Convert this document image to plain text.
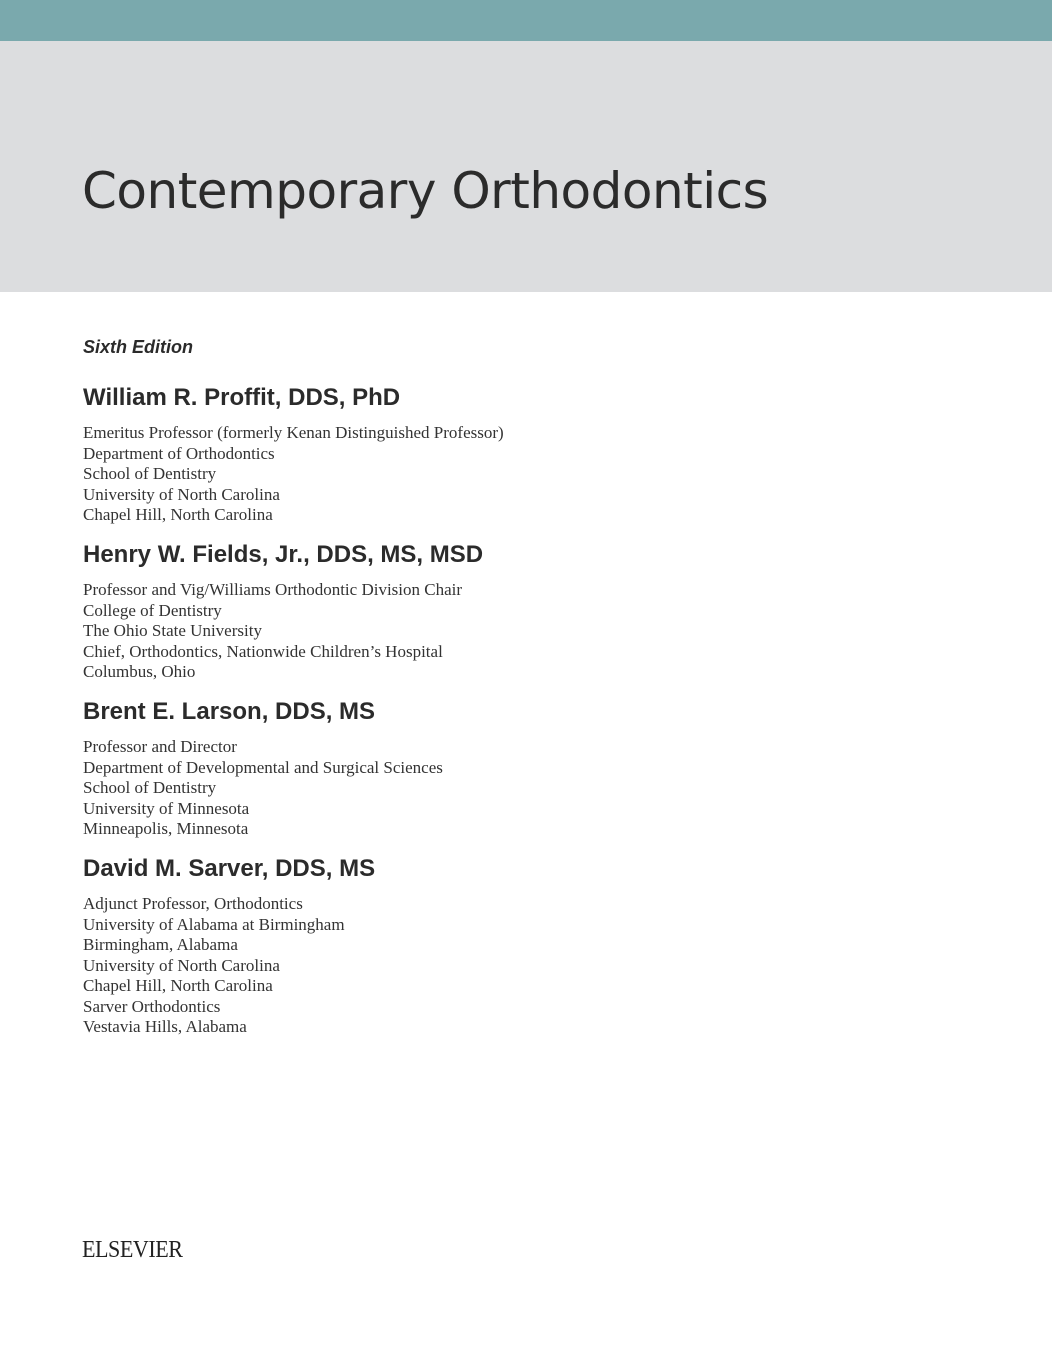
Contemporary Orthodontics
Sixth Edition
William R. Proffit, DDS, PhD
Emeritus Professor (formerly Kenan Distinguished Professor)
Department of Orthodontics
School of Dentistry
University of North Carolina
Chapel Hill, North Carolina
Henry W. Fields, Jr., DDS, MS, MSD
Professor and Vig/Williams Orthodontic Division Chair
College of Dentistry
The Ohio State University
Chief, Orthodontics, Nationwide Children’s Hospital
Columbus, Ohio
Brent E. Larson, DDS, MS
Professor and Director
Department of Developmental and Surgical Sciences
School of Dentistry
University of Minnesota
Minneapolis, Minnesota
David M. Sarver, DDS, MS
Adjunct Professor, Orthodontics
University of Alabama at Birmingham
Birmingham, Alabama
University of North Carolina
Chapel Hill, North Carolina
Sarver Orthodontics
Vestavia Hills, Alabama
ELSEVIER
